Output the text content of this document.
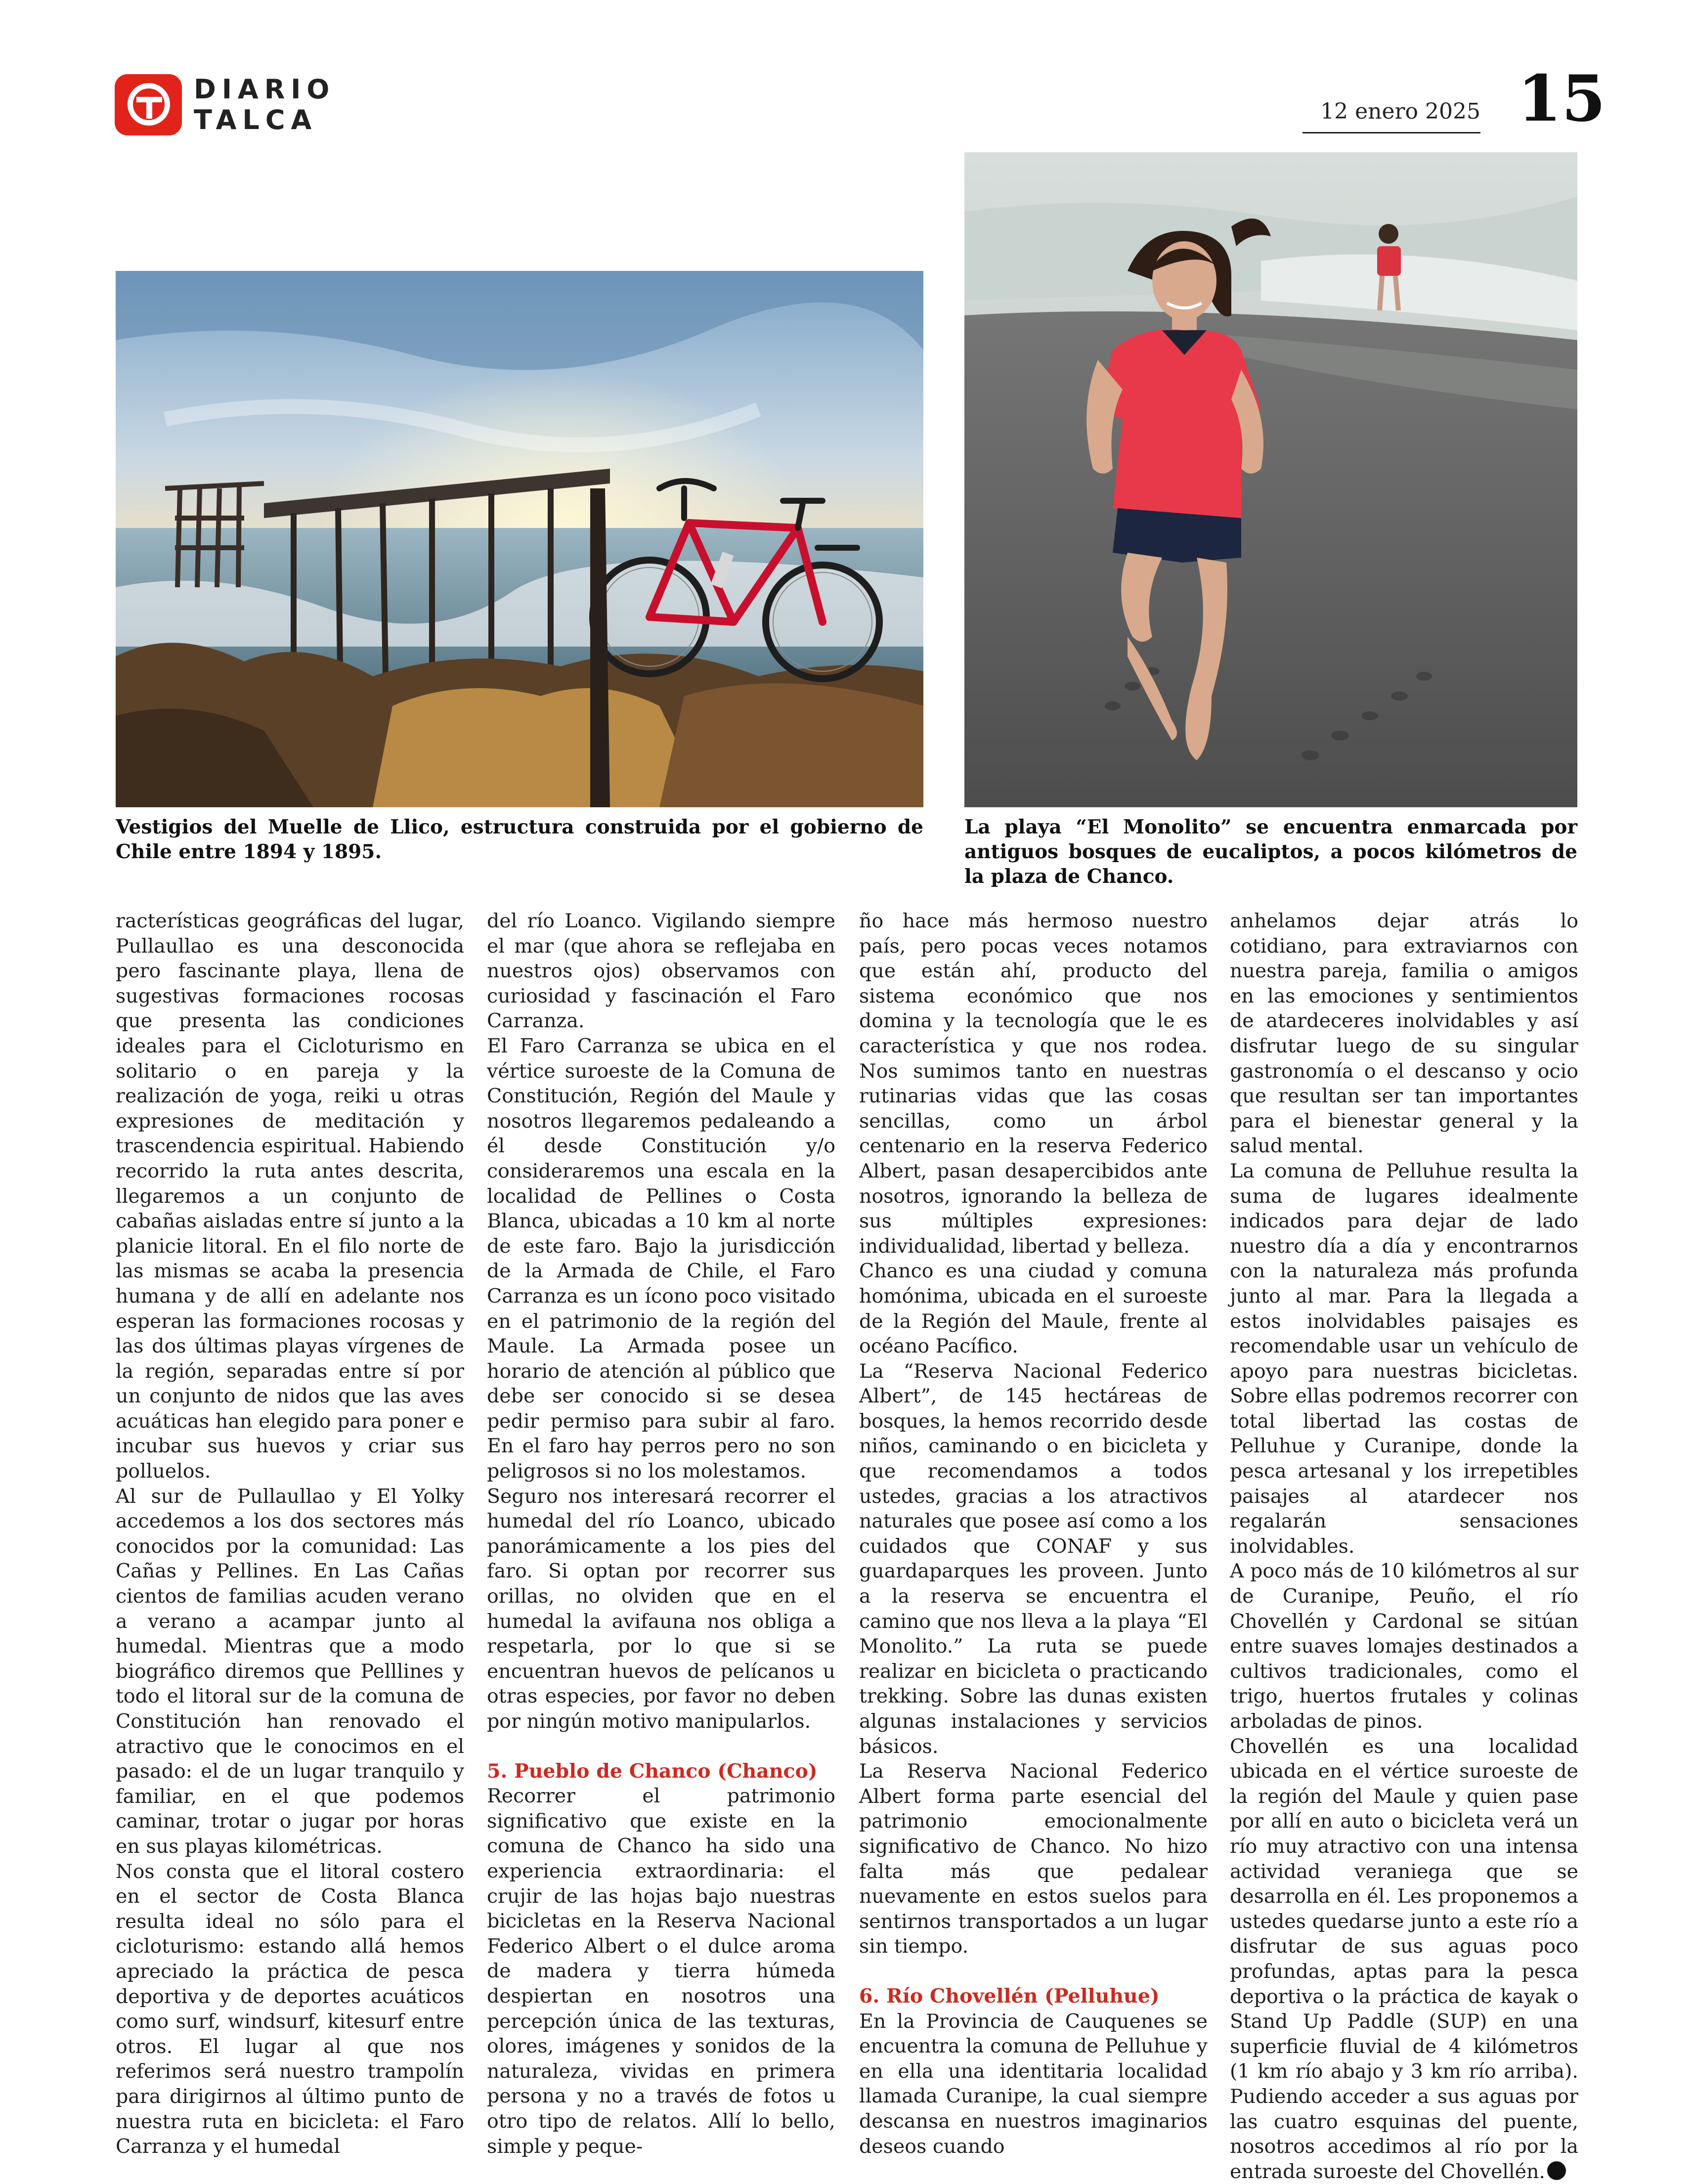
DIARIO
TALCA	12 enero 2025 15
Vestigios del Muelle de Llico, estructura construida por el gobierno de Chile entre 1894 y 1895.
La playa “El Monolito” se encuentra enmarcada por antiguos bosques de eucaliptos, a pocos kilómetros de la plaza de Chanco.

racterísticas geográficas del lugar, Pullaullao es una desconocida pero fascinante playa, llena de sugestivas formaciones rocosas que presenta las condiciones ideales para el Cicloturismo en solitario o en pareja y la realización de yoga, reiki u otras expresiones de meditación y trascendencia espiritual. Habiendo recorrido la ruta antes descrita, llegaremos a un conjunto de cabañas aisladas entre sí junto a la planicie litoral. En el filo norte de las mismas se acaba la presencia humana y de allí en adelante nos esperan las formaciones rocosas y las dos últimas playas vírgenes de la región, separadas entre sí por un conjunto de nidos que las aves acuáticas han elegido para poner e incubar sus huevos y criar sus polluelos.

Al sur de Pullaullao y El Yolky accedemos a los dos sectores más conocidos por la comunidad: Las Cañas y Pellines. En Las Cañas cientos de familias acuden verano a verano a acampar junto al humedal. Mientras que a modo biográfico diremos que Pelllines y todo el litoral sur de la comuna de Constitución han renovado el atractivo que le conocimos en el pasado: el de un lugar tranquilo y familiar, en el que podemos caminar, trotar o jugar por horas en sus playas kilométricas.

Nos consta que el litoral costero en el sector de Costa Blanca resulta ideal no sólo para el cicloturismo: estando allá hemos apreciado la práctica de pesca deportiva y de deportes acuáticos como surf, windsurf, kitesurf entre otros. El lugar al que nos referimos será nuestro trampolín para dirigirnos al último punto de nuestra ruta en bicicleta: el Faro Carranza y el humedal

del río Loanco. Vigilando siempre el mar (que ahora se reflejaba en nuestros ojos) observamos con curiosidad y fascinación el Faro Carranza.

El Faro Carranza se ubica en el vértice suroeste de la Comuna de Constitución, Región del Maule y nosotros llegaremos pedaleando a él desde Constitución y/o consideraremos una escala en la localidad de Pellines o Costa Blanca, ubicadas a 10 km al norte de este faro. Bajo la jurisdicción de la Armada de Chile, el Faro Carranza es un ícono poco visitado en el patrimonio de la región del Maule. La Armada posee un horario de atención al público que debe ser conocido si se desea pedir permiso para subir al faro. En el faro hay perros pero no son peligrosos si no los molestamos.

Seguro nos interesará recorrer el humedal del río Loanco, ubicado panorámicamente a los pies del faro. Si optan por recorrer sus orillas, no olviden que en el humedal la avifauna nos obliga a respetarla, por lo que si se encuentran huevos de pelícanos u otras especies, por favor no deben por ningún motivo manipularlos.

5. Pueblo de Chanco (Chanco)

Recorrer el patrimonio significativo que existe en la comuna de Chanco ha sido una experiencia extraordinaria: el crujir de las hojas bajo nuestras bicicletas en la Reserva Nacional Federico Albert o el dulce aroma de madera y tierra húmeda despiertan en nosotros una percepción única de las texturas, olores, imágenes y sonidos de la naturaleza, vividas en primera persona y no a través de fotos u otro tipo de relatos. Allí lo bello, simple y peque-

ño hace más hermoso nuestro país, pero pocas veces notamos que están ahí, producto del sistema económico que nos domina y la tecnología que le es característica y que nos rodea. Nos sumimos tanto en nuestras rutinarias vidas que las cosas sencillas, como un árbol centenario en la reserva Federico Albert, pasan desapercibidos ante nosotros, ignorando la belleza de sus múltiples expresiones: individualidad, libertad y belleza.

Chanco es una ciudad y comuna homónima, ubicada en el suroeste de la Región del Maule, frente al océano Pacífico.

La “Reserva Nacional Federico Albert”, de 145 hectáreas de bosques, la hemos recorrido desde niños, caminando o en bicicleta y que recomendamos a todos ustedes, gracias a los atractivos naturales que posee así como a los cuidados que CONAF y sus guardaparques les proveen. Junto a la reserva se encuentra el camino que nos lleva a la playa “El Monolito.” La ruta se puede realizar en bicicleta o practicando trekking. Sobre las dunas existen algunas instalaciones y servicios básicos.

La Reserva Nacional Federico Albert forma parte esencial del patrimonio emocionalmente significativo de Chanco. No hizo falta más que pedalear nuevamente en estos suelos para sentirnos transportados a un lugar sin tiempo.

6. Río Chovellén (Pelluhue)

En la Provincia de Cauquenes se encuentra la comuna de Pelluhue y en ella una identitaria localidad llamada Curanipe, la cual siempre descansa en nuestros imaginarios deseos cuando

anhelamos dejar atrás lo cotidiano, para extraviarnos con nuestra pareja, familia o amigos en las emociones y sentimientos de atardeceres inolvidables y así disfrutar luego de su singular gastronomía o el descanso y ocio que resultan ser tan importantes para el bienestar general y la salud mental.

La comuna de Pelluhue resulta la suma de lugares idealmente indicados para dejar de lado nuestro día a día y encontrarnos con la naturaleza más profunda junto al mar. Para la llegada a estos inolvidables paisajes es recomendable usar un vehículo de apoyo para nuestras bicicletas. Sobre ellas podremos recorrer con total libertad las costas de Pelluhue y Curanipe, donde la pesca artesanal y los irrepetibles paisajes al atardecer nos regalarán sensaciones inolvidables.

A poco más de 10 kilómetros al sur de Curanipe, Peuño, el río Chovellén y Cardonal se sitúan entre suaves lomajes destinados a cultivos tradicionales, como el trigo, huertos frutales y colinas arboladas de pinos.

Chovellén es una localidad ubicada en el vértice suroeste de la región del Maule y quien pase por allí en auto o bicicleta verá un río muy atractivo con una intensa actividad veraniega que se desarrolla en él. Les proponemos a ustedes quedarse junto a este río a disfrutar de sus aguas poco profundas, aptas para la pesca deportiva o la práctica de kayak o Stand Up Paddle (SUP) en una superficie fluvial de 4 kilómetros (1 km río abajo y 3 km río arriba). Pudiendo acceder a sus aguas por las cuatro esquinas del puente, nosotros accedimos al río por la entrada suroeste del Chovellén.
